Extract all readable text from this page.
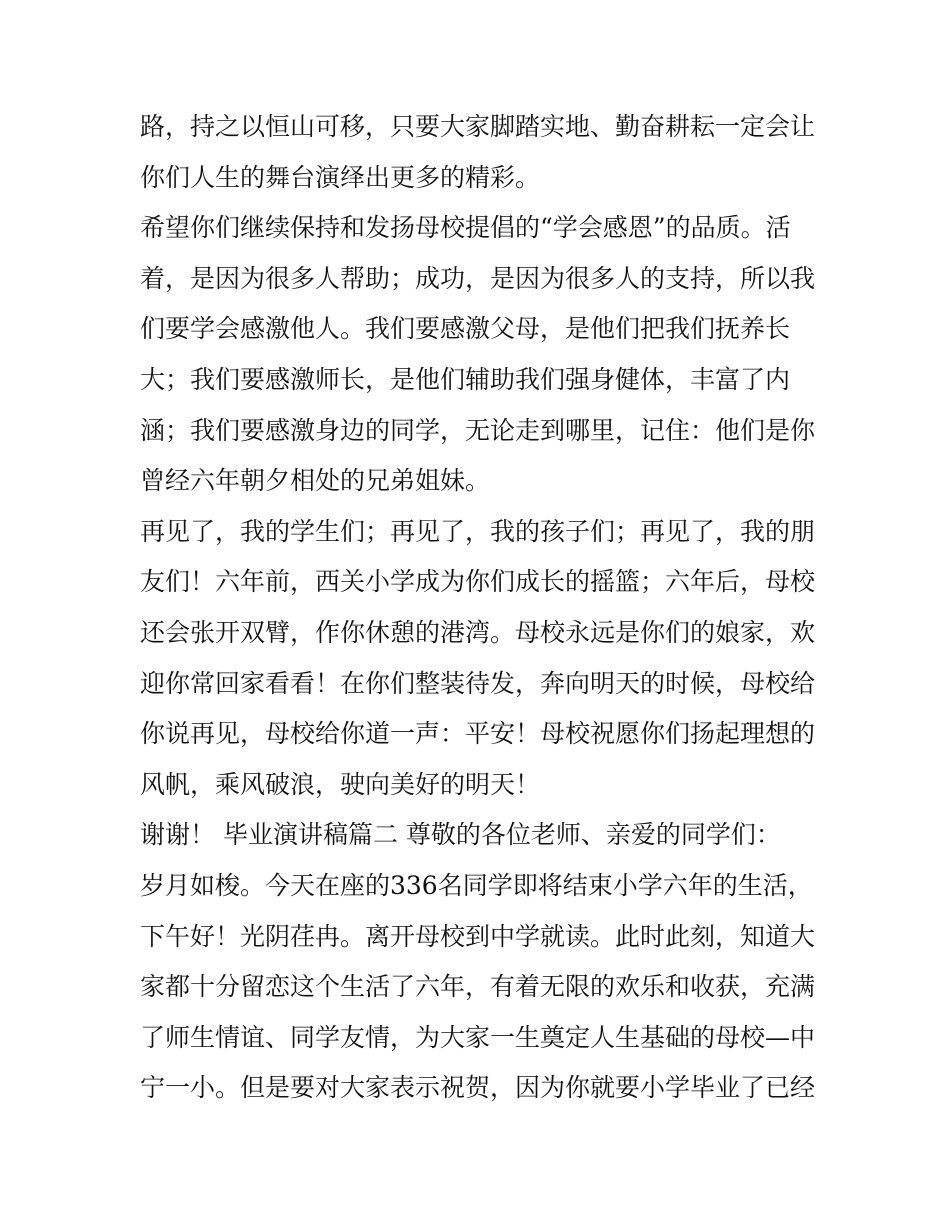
路，持之以恒山可移，只要大家脚踏实地、勤奋耕耘一定会让
你们人生的舞台演绎出更多的精彩。
希望你们继续保持和发扬母校提倡的“学会感恩”的品质。活
着，是因为很多人帮助；成功，是因为很多人的支持，所以我
们要学会感激他人。我们要感激父母，是他们把我们抚养长
大；我们要感激师长，是他们辅助我们强身健体，丰富了内
涵；我们要感激身边的同学，无论走到哪里，记住：他们是你
曾经六年朝夕相处的兄弟姐妹。
再见了，我的学生们；再见了，我的孩子们；再见了，我的朋
友们！六年前，西关小学成为你们成长的摇篮；六年后，母校
还会张开双臂，作你休憩的港湾。母校永远是你们的娘家，欢
迎你常回家看看！在你们整装待发，奔向明天的时候，母校给
你说再见，母校给你道一声：平安！母校祝愿你们扬起理想的
风帆，乘风破浪，驶向美好的明天！
谢谢！ 毕业演讲稿篇二 尊敬的各位老师、亲爱的同学们：
岁月如梭。今天在座的336名同学即将结束小学六年的生活，
下午好！光阴荏冉。离开母校到中学就读。此时此刻，知道大
家都十分留恋这个生活了六年，有着无限的欢乐和收获，充满
了师生情谊、同学友情，为大家一生奠定人生基础的母校—中
宁一小。但是要对大家表示祝贺，因为你就要小学毕业了已经
